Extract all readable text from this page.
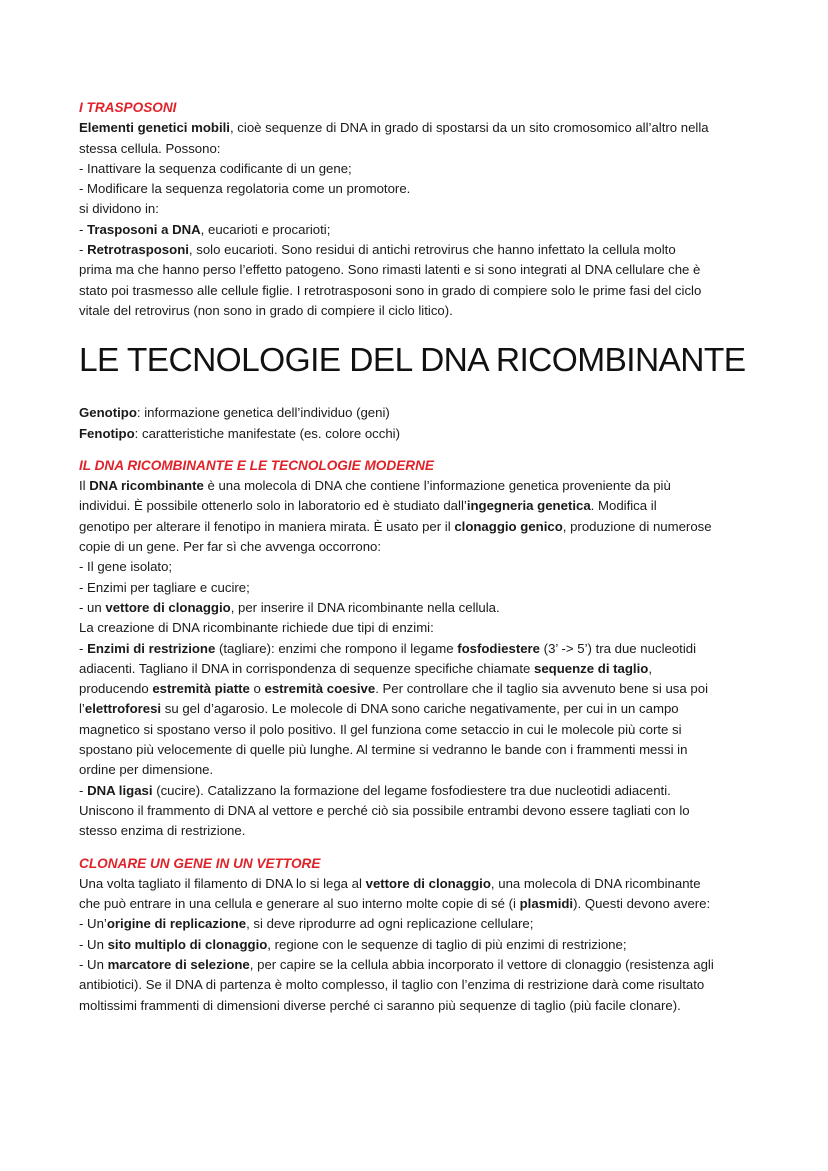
I TRASPOSONI
Elementi genetici mobili, cioè sequenze di DNA in grado di spostarsi da un sito cromosomico all’altro nella
stessa cellula. Possono:
- Inattivare la sequenza codificante di un gene;
- Modificare la sequenza regolatoria come un promotore.
si dividono in:
- Trasposoni a DNA, eucarioti e procarioti;
- Retrotrasposoni, solo eucarioti. Sono residui di antichi retrovirus che hanno infettato la cellula molto
prima ma che hanno perso l’effetto patogeno. Sono rimasti latenti e si sono integrati al DNA cellulare che è
stato poi trasmesso alle cellule figlie. I retrotrasposoni sono in grado di compiere solo le prime fasi del ciclo
vitale del retrovirus (non sono in grado di compiere il ciclo litico).
LE TECNOLOGIE DEL DNA RICOMBINANTE
Genotipo: informazione genetica dell’individuo (geni)
Fenotipo: caratteristiche manifestate (es. colore occhi)
IL DNA RICOMBINANTE E LE TECNOLOGIE MODERNE
Il DNA ricombinante è una molecola di DNA che contiene l’informazione genetica proveniente da più
individui. È possibile ottenerlo solo in laboratorio ed è studiato dall’ingegneria genetica. Modifica il
genotipo per alterare il fenotipo in maniera mirata. È usato per il clonaggio genico, produzione di numerose
copie di un gene. Per far sì che avvenga occorrono:
- Il gene isolato;
- Enzimi per tagliare e cucire;
- un vettore di clonaggio, per inserire il DNA ricombinante nella cellula.
La creazione di DNA ricombinante richiede due tipi di enzimi:
- Enzimi di restrizione (tagliare): enzimi che rompono il legame fosfodiestere (3’ -> 5’) tra due nucleotidi
adiacenti. Tagliano il DNA in corrispondenza di sequenze specifiche chiamate sequenze di taglio,
producendo estremità piatte o estremità coesive. Per controllare che il taglio sia avvenuto bene si usa poi
l’elettroforesi su gel d’agarosio. Le molecole di DNA sono cariche negativamente, per cui in un campo
magnetico si spostano verso il polo positivo. Il gel funziona come setaccio in cui le molecole più corte si
spostano più velocemente di quelle più lunghe. Al termine si vedranno le bande con i frammenti messi in
ordine per dimensione.
- DNA ligasi (cucire). Catalizzano la formazione del legame fosfodiestere tra due nucleotidi adiacenti.
Uniscono il frammento di DNA al vettore e perché ciò sia possibile entrambi devono essere tagliati con lo
stesso enzima di restrizione.
CLONARE UN GENE IN UN VETTORE
Una volta tagliato il filamento di DNA lo si lega al vettore di clonaggio, una molecola di DNA ricombinante
che può entrare in una cellula e generare al suo interno molte copie di sé (i plasmidi). Questi devono avere:
- Un’origine di replicazione, si deve riprodurre ad ogni replicazione cellulare;
- Un sito multiplo di clonaggio, regione con le sequenze di taglio di più enzimi di restrizione;
- Un marcatore di selezione, per capire se la cellula abbia incorporato il vettore di clonaggio (resistenza agli
antibiotici). Se il DNA di partenza è molto complesso, il taglio con l’enzima di restrizione darà come risultato
moltissimi frammenti di dimensioni diverse perché ci saranno più sequenze di taglio (più facile clonare).
